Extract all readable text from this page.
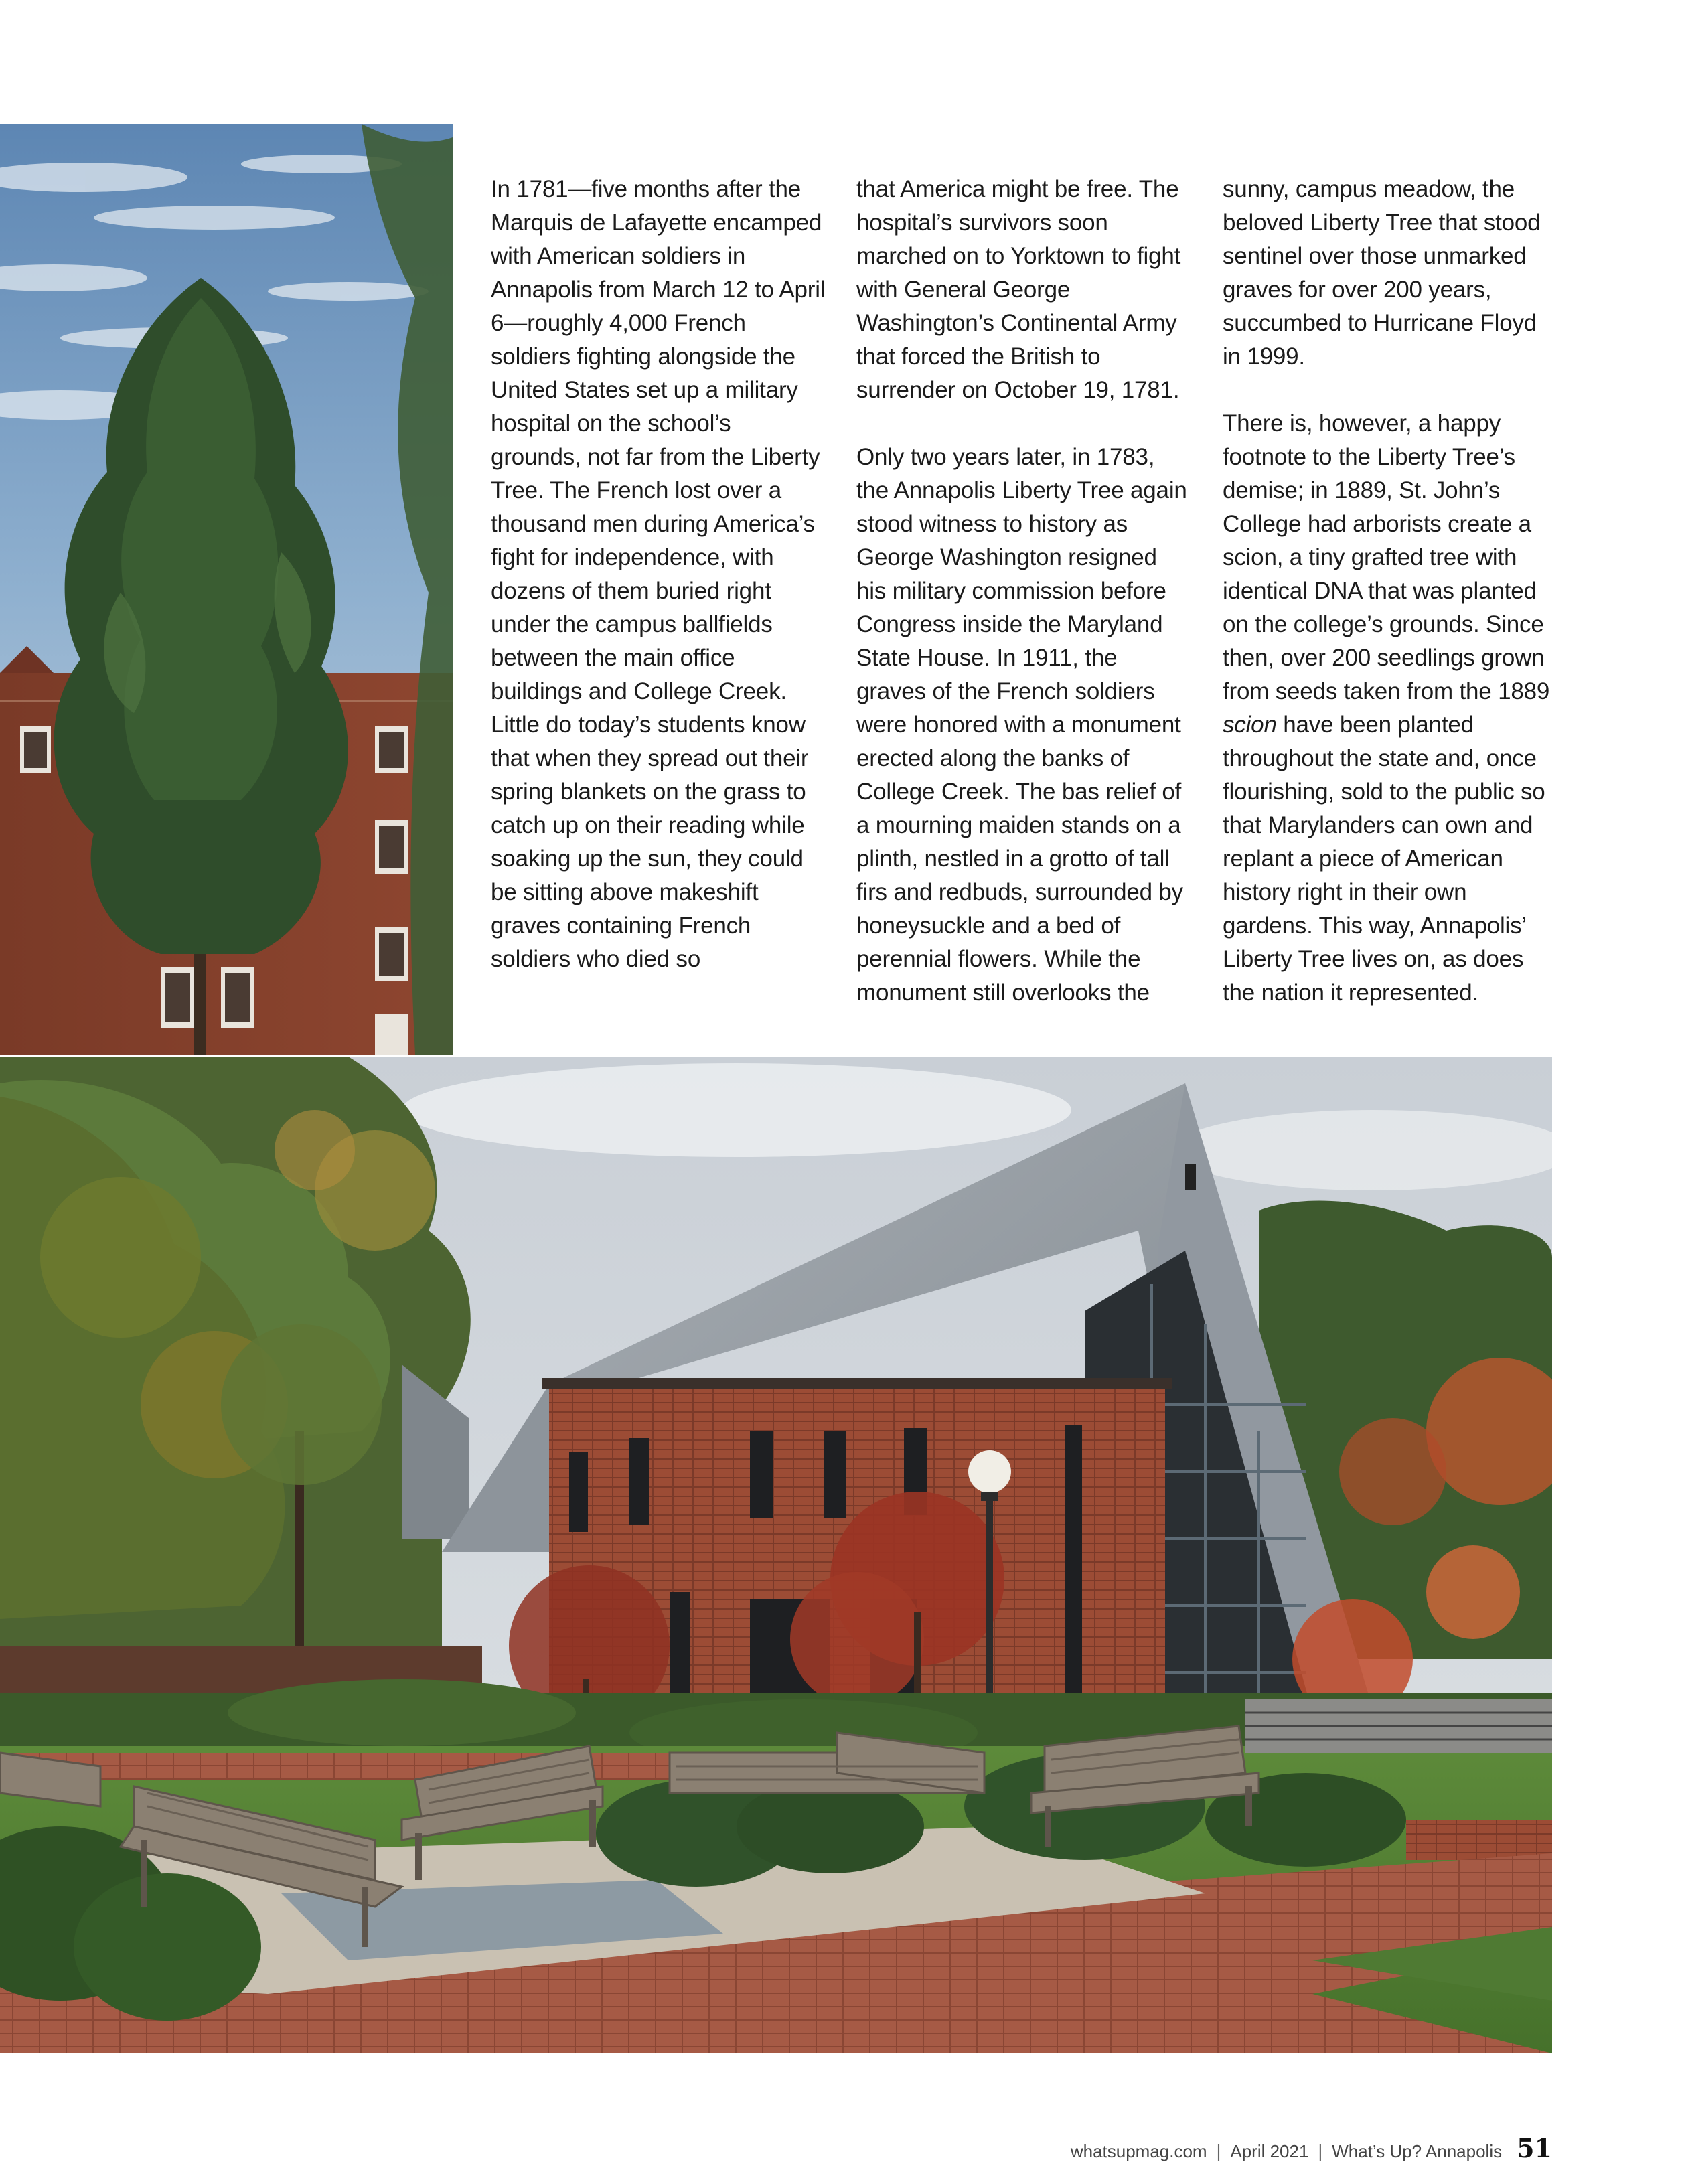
In 1781—five months after the Marquis de Lafayette encamped with American soldiers in Annapolis from March 12 to April 6—roughly 4,000 French soldiers fighting alongside the United States set up a military hospital on the school’s grounds, not far from the Liberty Tree. The French lost over a thousand men during America’s fight for independence, with dozens of them buried right under the campus ballfields between the main office buildings and College Creek. Little do today’s students know that when they spread out their spring blankets on the grass to catch up on their reading while soaking up the sun, they could be sitting above makeshift graves containing French soldiers who died so

that America might be free. The hospital’s survivors soon marched on to Yorktown to fight with General George Washington’s Continental Army that forced the British to surrender on October 19, 1781.

Only two years later, in 1783, the Annapolis Liberty Tree again stood witness to history as George Washington resigned his military commission before Congress inside the Maryland State House. In 1911, the graves of the French soldiers were honored with a monument erected along the banks of College Creek. The bas relief of a mourning maiden stands on a plinth, nestled in a grotto of tall firs and redbuds, surrounded by honeysuckle and a bed of perennial flowers. While the monument still overlooks the

sunny, campus meadow, the beloved Liberty Tree that stood sentinel over those unmarked graves for over 200 years, succumbed to Hurricane Floyd in 1999.

There is, however, a happy footnote to the Liberty Tree’s demise; in 1889, St. John’s College had arborists create a scion, a tiny grafted tree with identical DNA that was planted on the college’s grounds. Since then, over 200 seedlings grown from seeds taken from the 1889 scion have been planted throughout the state and, once flourishing, sold to the public so that Marylanders can own and replant a piece of American history right in their own gardens. This way, Annapolis’ Liberty Tree lives on, as does the nation it represented.

whatsupmag.com | April 2021 | What’s Up? Annapolis 51
